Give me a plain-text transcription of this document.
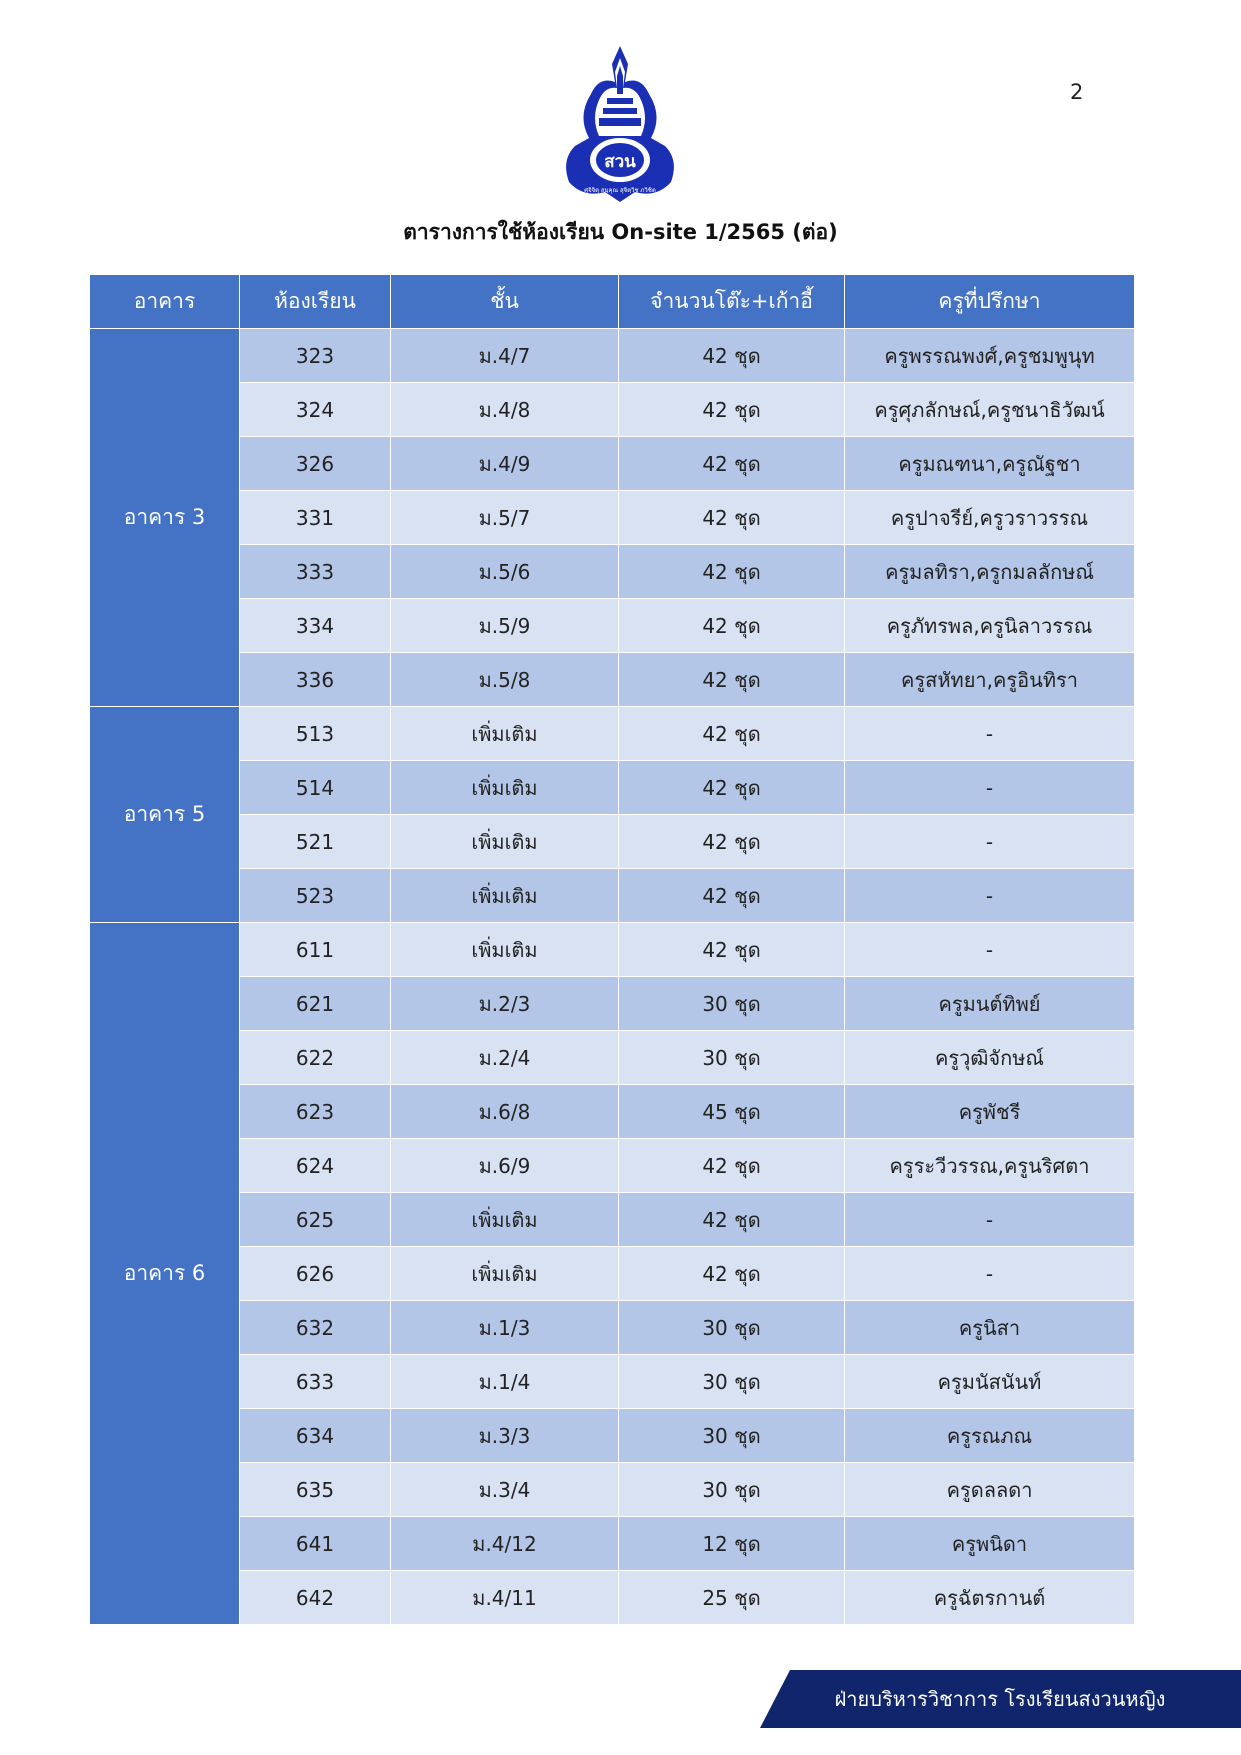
2
สวน
ศุจิจิตฺ สมฺคุณ สุจิตฺวิชฺ ภวิชิตฺ
ตารางการใช้ห้องเรียน On-site 1/2565 (ต่อ)
อาคาร	ห้องเรียน	ชั้น	จำนวนโต๊ะ+เก้าอี้	ครูที่ปรึกษา
อาคาร 3	323	ม.4/7	42 ชุด	ครูพรรณพงศ์,ครูชมพูนุท
	324	ม.4/8	42 ชุด	ครูศุภลักษณ์,ครูชนาธิวัฒน์
	326	ม.4/9	42 ชุด	ครูมณฑนา,ครูณัฐชา
	331	ม.5/7	42 ชุด	ครูปาจรีย์,ครูวราวรรณ
	333	ม.5/6	42 ชุด	ครูมลทิรา,ครูกมลลักษณ์
	334	ม.5/9	42 ชุด	ครูภัทรพล,ครูนิลาวรรณ
	336	ม.5/8	42 ชุด	ครูสหัทยา,ครูอินทิรา
อาคาร 5	513	เพิ่มเติม	42 ชุด	-
	514	เพิ่มเติม	42 ชุด	-
	521	เพิ่มเติม	42 ชุด	-
	523	เพิ่มเติม	42 ชุด	-
อาคาร 6	611	เพิ่มเติม	42 ชุด	-
	621	ม.2/3	30 ชุด	ครูมนต์ทิพย์
	622	ม.2/4	30 ชุด	ครูวุฒิจักษณ์
	623	ม.6/8	45 ชุด	ครูพัชรี
	624	ม.6/9	42 ชุด	ครูระวีวรรณ,ครูนริศตา
	625	เพิ่มเติม	42 ชุด	-
	626	เพิ่มเติม	42 ชุด	-
	632	ม.1/3	30 ชุด	ครูนิสา
	633	ม.1/4	30 ชุด	ครูมนัสนันท์
	634	ม.3/3	30 ชุด	ครูรณภณ
	635	ม.3/4	30 ชุด	ครูดลลดา
	641	ม.4/12	12 ชุด	ครูพนิดา
	642	ม.4/11	25 ชุด	ครูฉัตรกานต์
ฝ่ายบริหารวิชาการ โรงเรียนสงวนหญิง
